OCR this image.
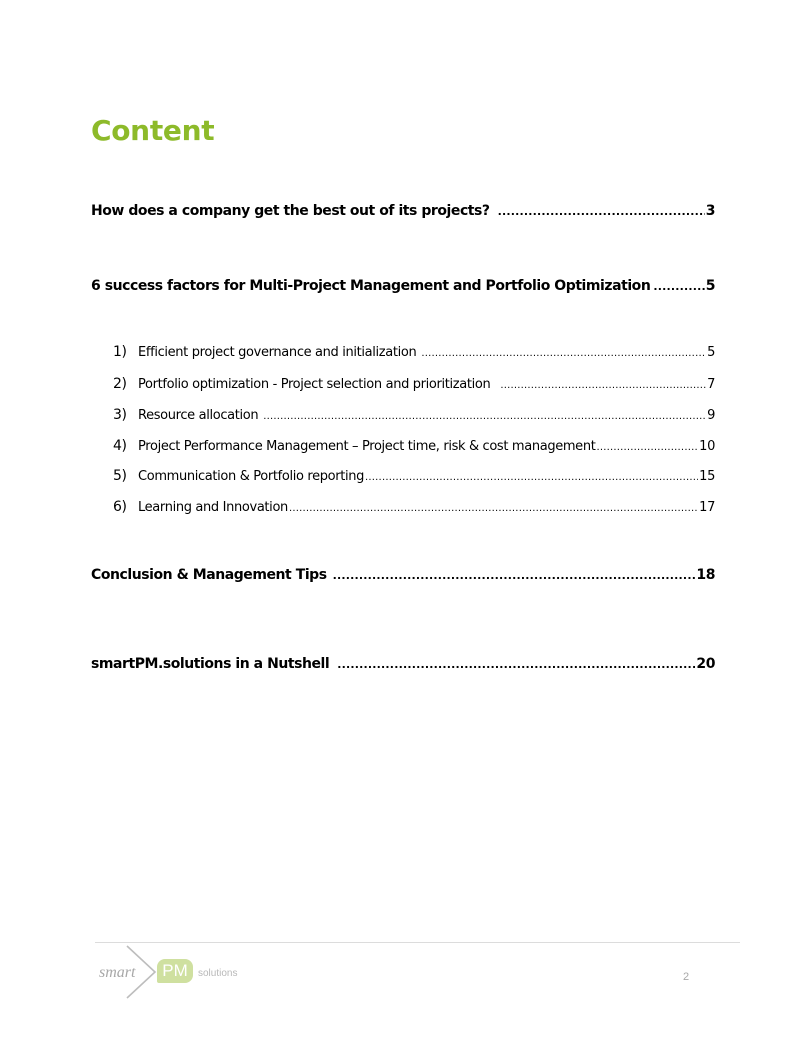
Content
How does a company get the best out of its projects? .....	3
6 success factors for Multi-Project Management and Portfolio Optimization .....	5
1) Efficient project governance and initialization .....	5
2) Portfolio optimization - Project selection and prioritization .....	7
3) Resource allocation .....	9
4) Project Performance Management – Project time, risk & cost management .....	10
5) Communication & Portfolio reporting .....	15
6) Learning and Innovation .....	17
Conclusion & Management Tips .....	18
smartPM.solutions in a Nutshell .....	20
smart	PM	solutions	2
